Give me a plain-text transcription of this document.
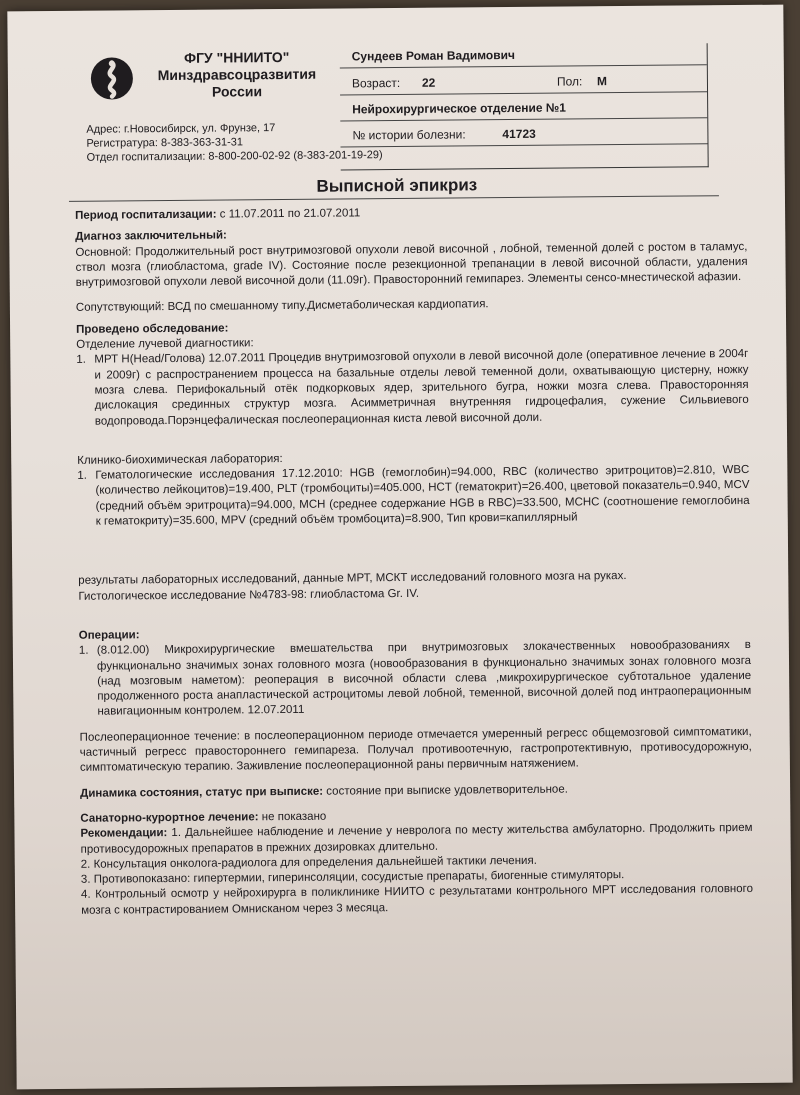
ФГУ "ННИИТО"
Минздравсоцразвития
России
Адрес: г.Новосибирск, ул. Фрунзе, 17
Регистратура: 8-383-363-31-31
Отдел госпитализации: 8-800-200-02-92 (8-383-201-19-29)
Сундеев Роман Вадимович
Возраст: 22	Пол: М
Нейрохирургическое отделение №1
№ истории болезни:	41723
Выписной эпикриз

Период госпитализации: с 11.07.2011 по 21.07.2011

Диагноз заключительный:

Основной: Продолжительный рост внутримозговой опухоли левой височной , лобной, теменной долей с ростом в таламус, ствол мозга (глиобластома, grade IV). Состояние после резекционной трепанации в левой височной области, удаления внутримозговой опухоли левой височной доли (11.09г). Правосторонний гемипарез. Элементы сенсо-мнестической афазии.

Сопутствующий: ВСД по смешанному типу.Дисметаболическая кардиопатия.

Проведено обследование:

Отделение лучевой диагностики:

1. МРТ Н(Head/Голова) 12.07.2011 Процедив внутримозговой опухоли в левой височной доле (оперативное лечение в 2004г и 2009г) с распространением процесса на базальные отделы левой теменной доли, охватывающую цистерну, ножку мозга слева. Перифокальный отёк подкорковых ядер, зрительного бугра, ножки мозга слева. Правосторонняя дислокация срединных структур мозга. Асимметричная внутренняя гидроцефалия, сужение Сильвиевого водопровода.Порэнцефалическая послеоперационная киста левой височной доли.

Клинико-биохимическая лаборатория:

1. Гематологические исследования 17.12.2010: HGB (гемоглобин)=94.000, RBC (количество эритроцитов)=2.810, WBC (количество лейкоцитов)=19.400, PLT (тромбоциты)=405.000, HCT (гематокрит)=26.400, цветовой показатель=0.940, MCV (средний объём эритроцита)=94.000, MCH (среднее содержание HGB в RBC)=33.500, MCHC (соотношение гемоглобина к гематокриту)=35.600, MPV (средний объём тромбоцита)=8.900, Тип крови=капиллярный

результаты лабораторных исследований, данные МРТ, МСКТ исследований головного мозга на руках.

Гистологическое исследование №4783-98: глиобластома Gr. IV.

Операции:

1. (8.012.00) Микрохирургические вмешательства при внутримозговых злокачественных новообразованиях в функционально значимых зонах головного мозга (новообразования в функционально значимых зонах головного мозга (над мозговым наметом): реоперация в височной области слева ,микрохирургическое субтотальное удаление продолженного роста анапластической астроцитомы левой лобной, теменной, височной долей под интраоперационным навигационным контролем. 12.07.2011

Послеоперационное течение: в послеоперационном периоде отмечается умеренный регресс общемозговой симптоматики, частичный регресс правостороннего гемипареза. Получал противоотечную, гастропротективную, противосудорожную, симптоматическую терапию. Заживление послеоперационной раны первичным натяжением.

Динамика состояния, статус при выписке: состояние при выписке удовлетворительное.

Санаторно-курортное лечение: не показано

Рекомендации: 1. Дальнейшее наблюдение и лечение у невролога по месту жительства амбулаторно. Продолжить прием противосудорожных препаратов в прежних дозировках длительно.

2. Консультация онколога-радиолога для определения дальнейшей тактики лечения.

3. Противопоказано: гипертермии, гиперинсоляции, сосудистые препараты, биогенные стимуляторы.

4. Контрольный осмотр у нейрохирурга в поликлинике НИИТО с результатами контрольного МРТ исследования головного мозга с контрастированием Омнисканом через 3 месяца.
